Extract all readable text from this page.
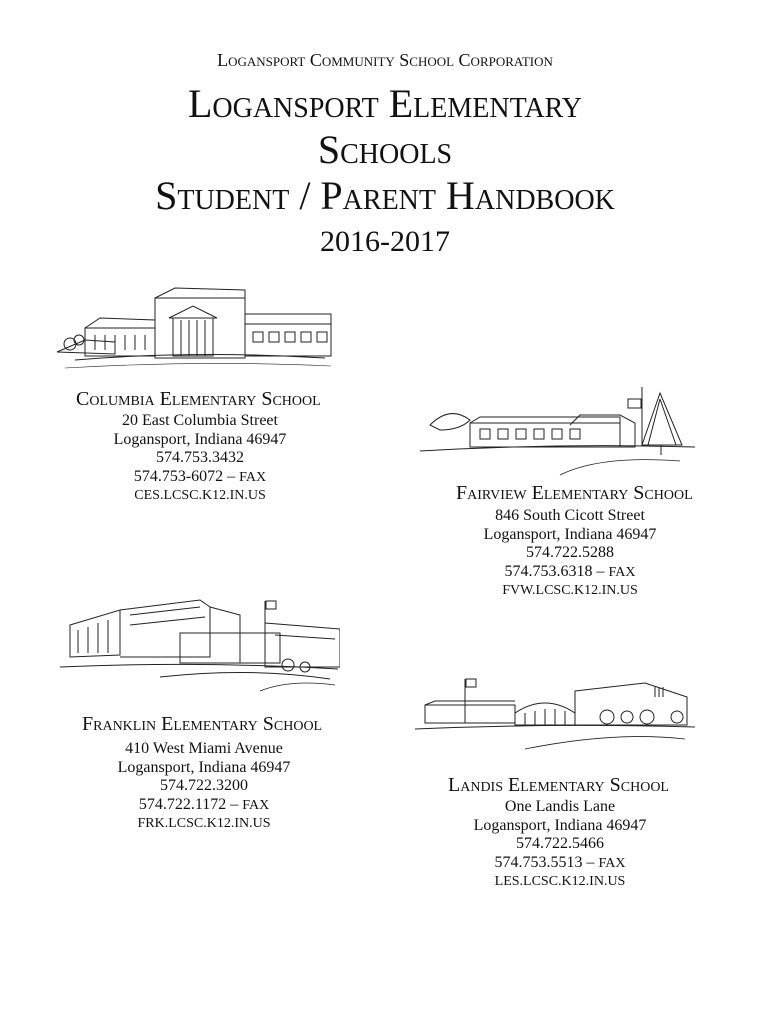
Logansport Community School Corporation
Logansport Elementary
Schools
Student / Parent Handbook
2016-2017
Columbia Elementary School
20 East Columbia Street
Logansport, Indiana 46947
574.753.3432
574.753-6072 – FAX
CES.LCSC.K12.IN.US	Fairview Elementary School
846 South Cicott Street
Logansport, Indiana 46947
574.722.5288
574.753.6318 – FAX
FVW.LCSC.K12.IN.US
Franklin Elementary School
410 West Miami Avenue
Logansport, Indiana 46947
574.722.3200
574.722.1172 – FAX
FRK.LCSC.K12.IN.US
Landis Elementary School
One Landis Lane
Logansport, Indiana 46947
574.722.5466
574.753.5513 – FAX
LES.LCSC.K12.IN.US
